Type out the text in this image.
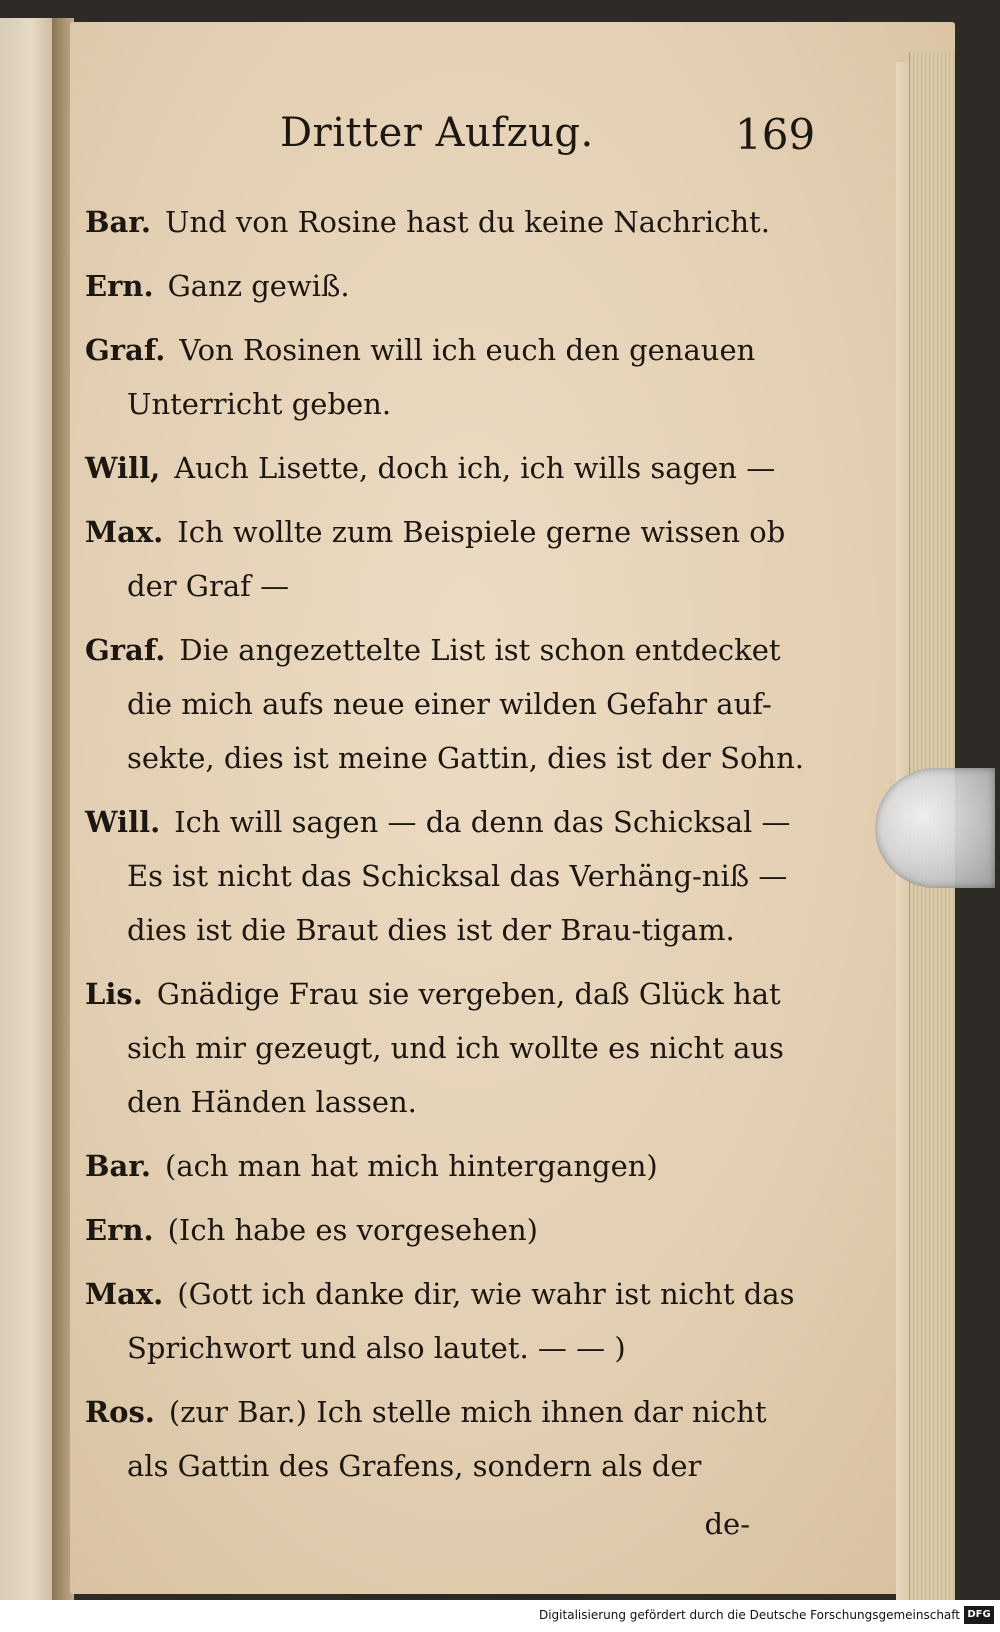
Dritter Aufzug.	169

Bar. Und von Rosine hast du keine Nachricht.

Ern. Ganz gewiß.

Graf. Von Rosinen will ich euch den genauen Unterricht geben.

Will, Auch Lisette, doch ich, ich wills sagen —

Max. Ich wollte zum Beispiele gerne wissen ob der Graf —

Graf. Die angezettelte List ist schon entdecket die mich aufs neue einer wilden Gefahr auf-sekte, dies ist meine Gattin, dies ist der Sohn.

Will. Ich will sagen — da denn das Schicksal — Es ist nicht das Schicksal das Verhäng-niß — dies ist die Braut dies ist der Brau-tigam.

Lis. Gnädige Frau sie vergeben, daß Glück hat sich mir gezeugt, und ich wollte es nicht aus den Händen lassen.

Bar. (ach man hat mich hintergangen)

Ern. (Ich habe es vorgesehen)

Max. (Gott ich danke dir, wie wahr ist nicht das Sprichwort und also lautet. — — )

Ros. (zur Bar.) Ich stelle mich ihnen dar nicht als Gattin des Grafens, sondern als der

de-
Digitalisierung gefördert durch die Deutsche Forschungsgemeinschaft DFG
